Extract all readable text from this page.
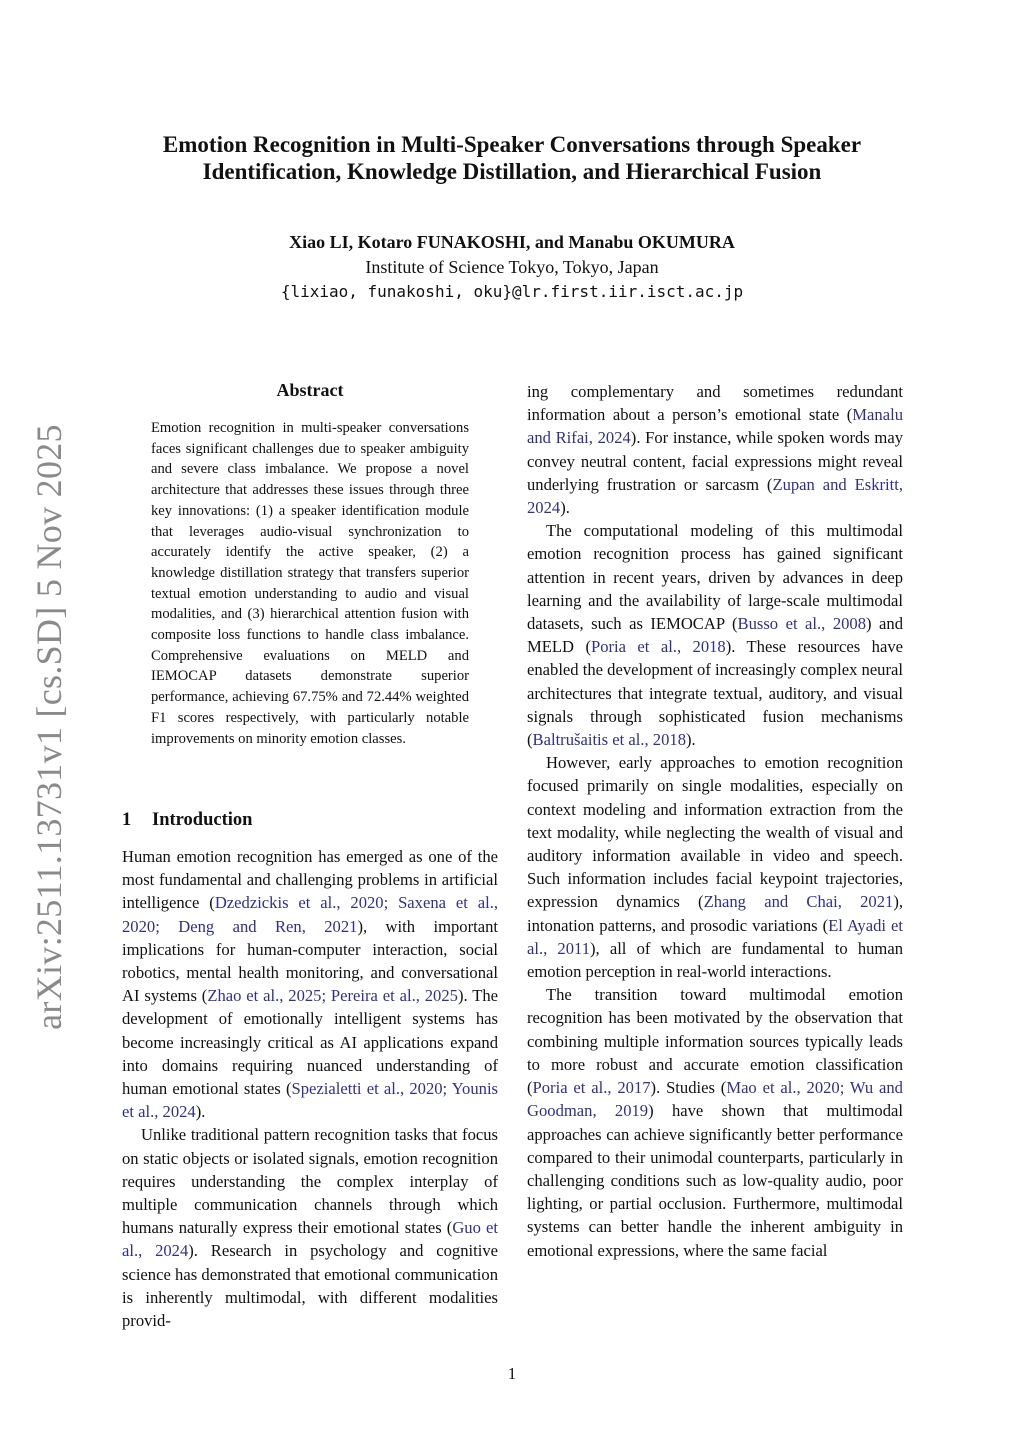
arXiv:2511.13731v1 [cs.SD] 5 Nov 2025
Emotion Recognition in Multi-Speaker Conversations through Speaker
Identification, Knowledge Distillation, and Hierarchical Fusion
Xiao LI, Kotaro FUNAKOSHI, and Manabu OKUMURA
Institute of Science Tokyo, Tokyo, Japan
{lixiao, funakoshi, oku}@lr.first.iir.isct.ac.jp
Abstract
Emotion recognition in multi-speaker conversations faces significant challenges due to speaker ambiguity and severe class imbalance. We propose a novel architecture that addresses these issues through three key innovations: (1) a speaker identification module that leverages audio-visual synchronization to accurately identify the active speaker, (2) a knowledge distillation strategy that transfers superior textual emotion understanding to audio and visual modalities, and (3) hierarchical attention fusion with composite loss functions to handle class imbalance. Comprehensive evaluations on MELD and IEMOCAP datasets demonstrate superior performance, achieving 67.75% and 72.44% weighted F1 scores respectively, with particularly notable improvements on minority emotion classes.
1 Introduction

Human emotion recognition has emerged as one of the most fundamental and challenging problems in artificial intelligence (Dzedzickis et al., 2020; Saxena et al., 2020; Deng and Ren, 2021), with important implications for human-computer interaction, social robotics, mental health monitoring, and conversational AI systems (Zhao et al., 2025; Pereira et al., 2025). The development of emotionally intelligent systems has become increasingly critical as AI applications expand into domains requiring nuanced understanding of human emotional states (Spezialetti et al., 2020; Younis et al., 2024).

Unlike traditional pattern recognition tasks that focus on static objects or isolated signals, emotion recognition requires understanding the complex interplay of multiple communication channels through which humans naturally express their emotional states (Guo et al., 2024). Research in psychology and cognitive science has demonstrated that emotional communication is inherently multimodal, with different modalities provid-

ing complementary and sometimes redundant information about a person’s emotional state (Manalu and Rifai, 2024). For instance, while spoken words may convey neutral content, facial expressions might reveal underlying frustration or sarcasm (Zupan and Eskritt, 2024).

The computational modeling of this multimodal emotion recognition process has gained significant attention in recent years, driven by advances in deep learning and the availability of large-scale multimodal datasets, such as IEMOCAP (Busso et al., 2008) and MELD (Poria et al., 2018). These resources have enabled the development of increasingly complex neural architectures that integrate textual, auditory, and visual signals through sophisticated fusion mechanisms (Baltrušaitis et al., 2018).

However, early approaches to emotion recognition focused primarily on single modalities, especially on context modeling and information extraction from the text modality, while neglecting the wealth of visual and auditory information available in video and speech. Such information includes facial keypoint trajectories, expression dynamics (Zhang and Chai, 2021), intonation patterns, and prosodic variations (El Ayadi et al., 2011), all of which are fundamental to human emotion perception in real-world interactions.

The transition toward multimodal emotion recognition has been motivated by the observation that combining multiple information sources typically leads to more robust and accurate emotion classification (Poria et al., 2017). Studies (Mao et al., 2020; Wu and Goodman, 2019) have shown that multimodal approaches can achieve significantly better performance compared to their unimodal counterparts, particularly in challenging conditions such as low-quality audio, poor lighting, or partial occlusion. Furthermore, multimodal systems can better handle the inherent ambiguity in emotional expressions, where the same facial

1
